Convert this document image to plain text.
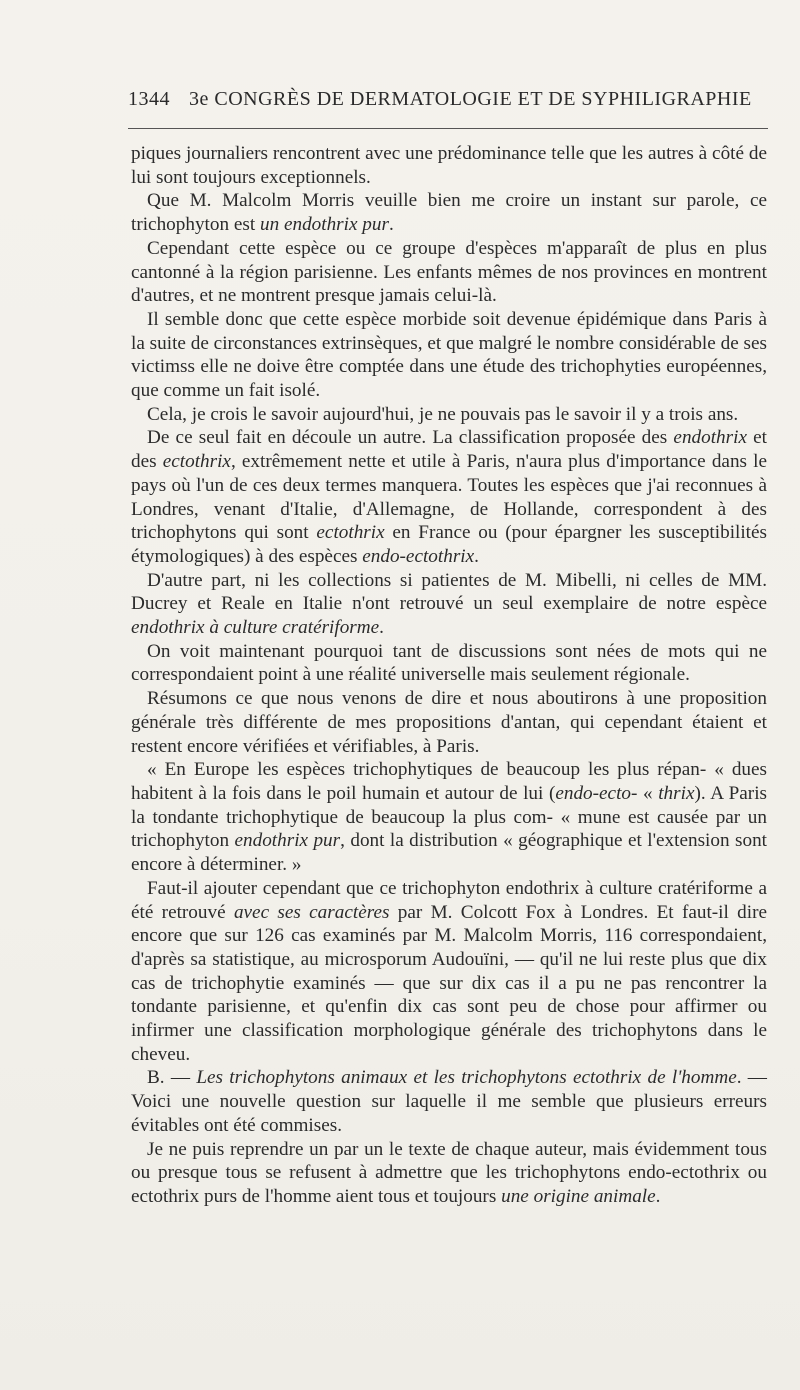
1344 3e CONGRÈS DE DERMATOLOGIE ET DE SYPHILIGRAPHIE

piques journaliers rencontrent avec une prédominance telle que les autres à côté de lui sont toujours exceptionnels.

Que M. Malcolm Morris veuille bien me croire un instant sur parole, ce trichophyton est un endothrix pur.

Cependant cette espèce ou ce groupe d'espèces m'apparaît de plus en plus cantonné à la région parisienne. Les enfants mêmes de nos provinces en montrent d'autres, et ne montrent presque jamais celui-là.

Il semble donc que cette espèce morbide soit devenue épidémique dans Paris à la suite de circonstances extrinsèques, et que malgré le nombre considérable de ses victimss elle ne doive être comptée dans une étude des trichophyties européennes, que comme un fait isolé.

Cela, je crois le savoir aujourd'hui, je ne pouvais pas le savoir il y a trois ans.

De ce seul fait en découle un autre. La classification proposée des endothrix et des ectothrix, extrêmement nette et utile à Paris, n'aura plus d'importance dans le pays où l'un de ces deux termes manquera. Toutes les espèces que j'ai reconnues à Londres, venant d'Italie, d'Allemagne, de Hollande, correspondent à des trichophytons qui sont ectothrix en France ou (pour épargner les susceptibilités étymologiques) à des espèces endo-ectothrix.

D'autre part, ni les collections si patientes de M. Mibelli, ni celles de MM. Ducrey et Reale en Italie n'ont retrouvé un seul exemplaire de notre espèce endothrix à culture cratériforme.

On voit maintenant pourquoi tant de discussions sont nées de mots qui ne correspondaient point à une réalité universelle mais seulement régionale.

Résumons ce que nous venons de dire et nous aboutirons à une proposition générale très différente de mes propositions d'antan, qui cependant étaient et restent encore vérifiées et vérifiables, à Paris.

« En Europe les espèces trichophytiques de beaucoup les plus répan- « dues habitent à la fois dans le poil humain et autour de lui (endo-ecto- « thrix). A Paris la tondante trichophytique de beaucoup la plus com- « mune est causée par un trichophyton endothrix pur, dont la distribution « géographique et l'extension sont encore à déterminer. »

Faut-il ajouter cependant que ce trichophyton endothrix à culture cratériforme a été retrouvé avec ses caractères par M. Colcott Fox à Londres. Et faut-il dire encore que sur 126 cas examinés par M. Malcolm Morris, 116 correspondaient, d'après sa statistique, au microsporum Audouïni, — qu'il ne lui reste plus que dix cas de trichophytie examinés — que sur dix cas il a pu ne pas rencontrer la tondante parisienne, et qu'enfin dix cas sont peu de chose pour affirmer ou infirmer une classification morphologique générale des trichophytons dans le cheveu.

B. — Les trichophytons animaux et les trichophytons ectothrix de l'homme. — Voici une nouvelle question sur laquelle il me semble que plusieurs erreurs évitables ont été commises.

Je ne puis reprendre un par un le texte de chaque auteur, mais évidemment tous ou presque tous se refusent à admettre que les trichophytons endo-ectothrix ou ectothrix purs de l'homme aient tous et toujours une origine animale.
